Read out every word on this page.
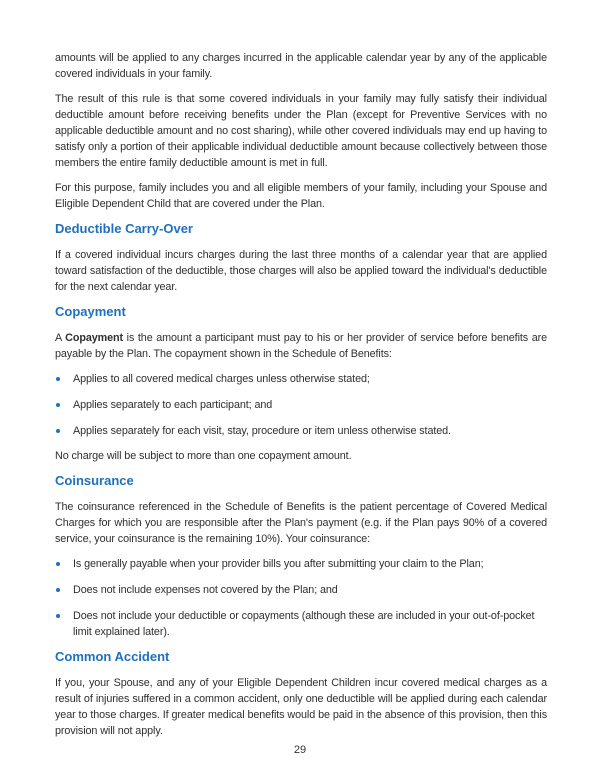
amounts will be applied to any charges incurred in the applicable calendar year by any of the applicable covered individuals in your family.

The result of this rule is that some covered individuals in your family may fully satisfy their individual deductible amount before receiving benefits under the Plan (except for Preventive Services with no applicable deductible amount and no cost sharing), while other covered individuals may end up having to satisfy only a portion of their applicable individual deductible amount because collectively between those members the entire family deductible amount is met in full.

For this purpose, family includes you and all eligible members of your family, including your Spouse and Eligible Dependent Child that are covered under the Plan.

Deductible Carry-Over

If a covered individual incurs charges during the last three months of a calendar year that are applied toward satisfaction of the deductible, those charges will also be applied toward the individual's deductible for the next calendar year.

Copayment

A Copayment is the amount a participant must pay to his or her provider of service before benefits are payable by the Plan. The copayment shown in the Schedule of Benefits:

Applies to all covered medical charges unless otherwise stated;
Applies separately to each participant; and
Applies separately for each visit, stay, procedure or item unless otherwise stated.

No charge will be subject to more than one copayment amount.

Coinsurance

The coinsurance referenced in the Schedule of Benefits is the patient percentage of Covered Medical Charges for which you are responsible after the Plan's payment (e.g. if the Plan pays 90% of a covered service, your coinsurance is the remaining 10%). Your coinsurance:

Is generally payable when your provider bills you after submitting your claim to the Plan;
Does not include expenses not covered by the Plan; and
Does not include your deductible or copayments (although these are included in your out-of-pocket limit explained later).
Common Accident

If you, your Spouse, and any of your Eligible Dependent Children incur covered medical charges as a result of injuries suffered in a common accident, only one deductible will be applied during each calendar year to those charges. If greater medical benefits would be paid in the absence of this provision, then this provision will not apply.

29
